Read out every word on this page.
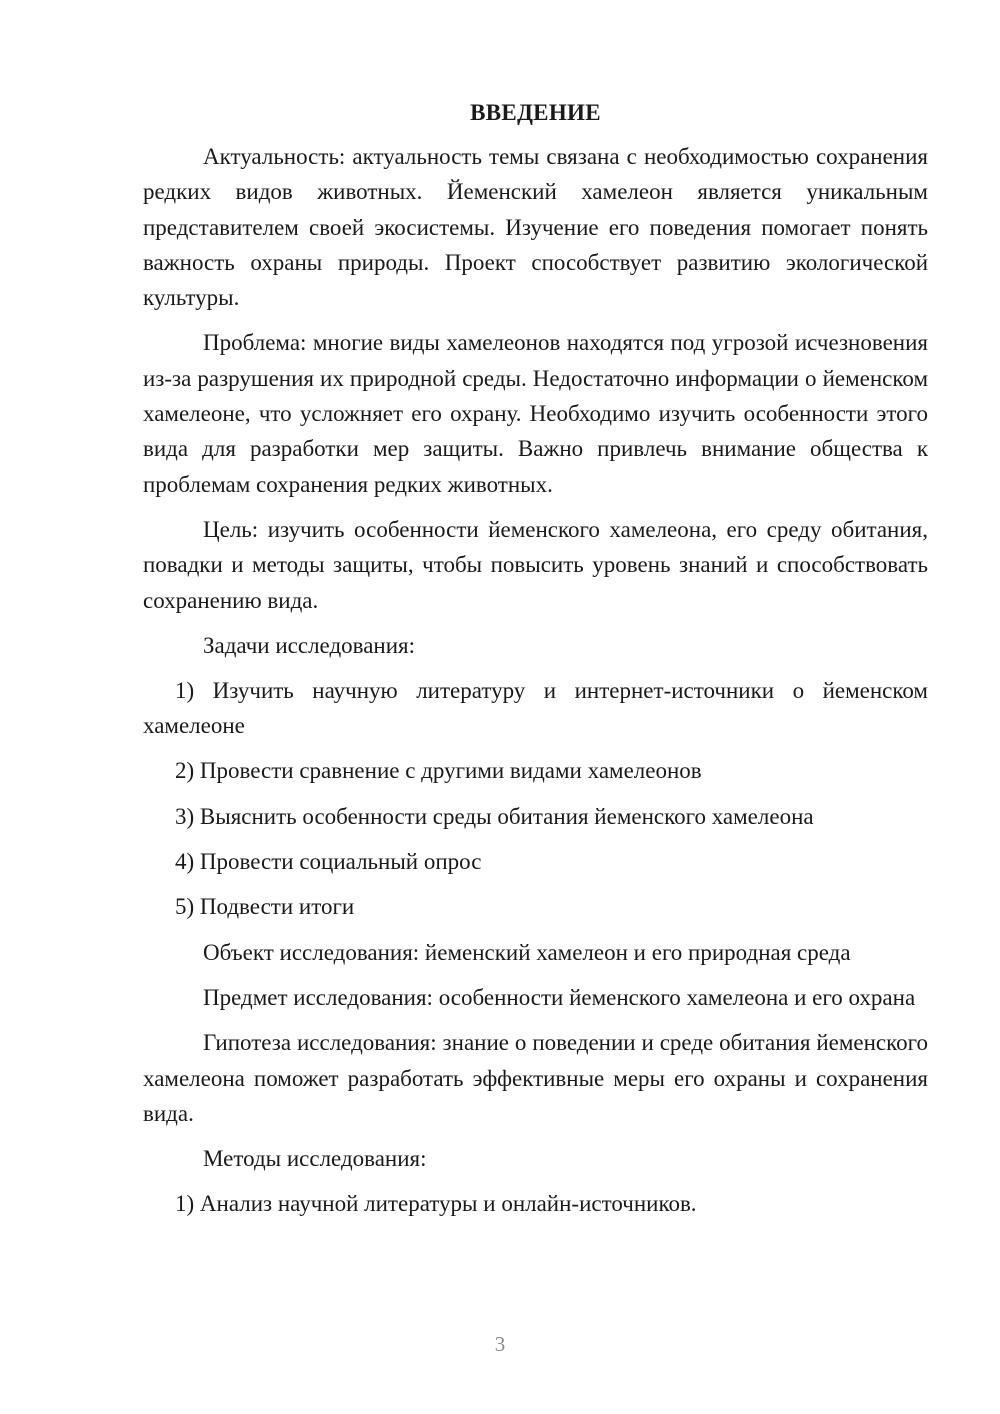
ВВЕДЕНИЕ

Актуальность: актуальность темы связана с необходимостью сохранения редких видов животных. Йеменский хамелеон является уникальным представителем своей экосистемы. Изучение его поведения помогает понять важность охраны природы. Проект способствует развитию экологической культуры.

Проблема: многие виды хамелеонов находятся под угрозой исчезновения из-за разрушения их природной среды. Недостаточно информации о йеменском хамелеоне, что усложняет его охрану. Необходимо изучить особенности этого вида для разработки мер защиты. Важно привлечь внимание общества к проблемам сохранения редких животных.

Цель: изучить особенности йеменского хамелеона, его среду обитания, повадки и методы защиты, чтобы повысить уровень знаний и способствовать сохранению вида.

Задачи исследования:

1) Изучить научную литературу и интернет-источники о йеменском хамелеоне

2) Провести сравнение с другими видами хамелеонов

3) Выяснить особенности среды обитания йеменского хамелеона

4) Провести социальный опрос

5) Подвести итоги

Объект исследования: йеменский хамелеон и его природная среда

Предмет исследования: особенности йеменского хамелеона и его охрана

Гипотеза исследования: знание о поведении и среде обитания йеменского хамелеона поможет разработать эффективные меры его охраны и сохранения вида.

Методы исследования:

1) Анализ научной литературы и онлайн-источников.

3
